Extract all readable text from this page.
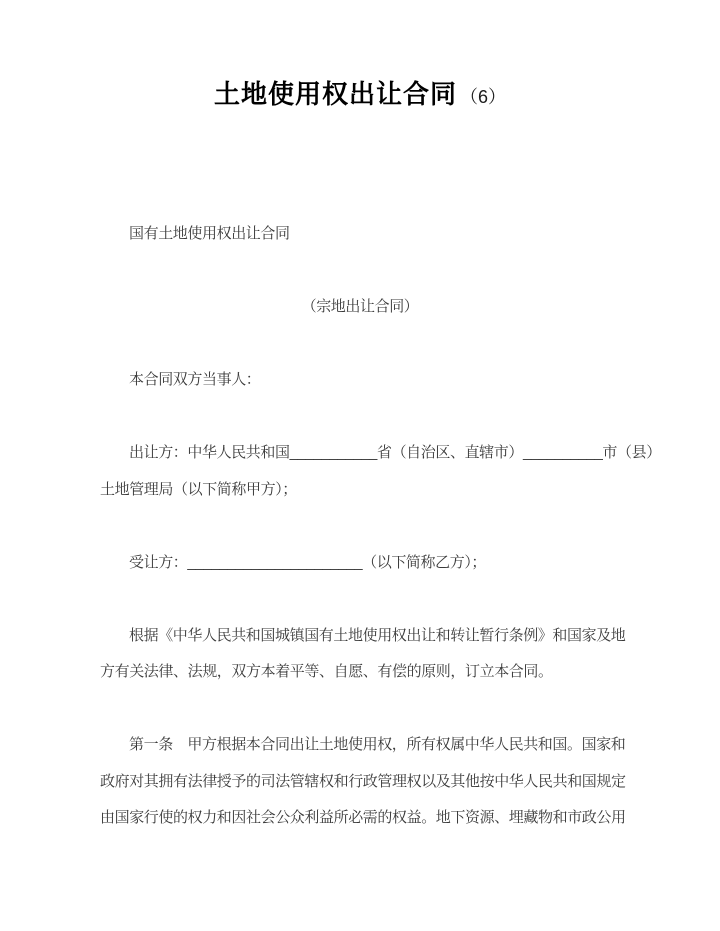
土地使用权出让合同 （6）
国有土地使用权出让合同
（宗地出让合同）
本合同双方当事人：
出让方：中华人民共和国___________省（自治区、直辖市）__________市（县）
土地管理局（以下简称甲方）；
受让方：______________________（以下简称乙方）；
根据《中华人民共和国城镇国有土地使用权出让和转让暂行条例》和国家及地
方有关法律、法规，双方本着平等、自愿、有偿的原则，订立本合同。
第一条　甲方根据本合同出让土地使用权，所有权属中华人民共和国。国家和
政府对其拥有法律授予的司法管辖权和行政管理权以及其他按中华人民共和国规定
由国家行使的权力和因社会公众利益所必需的权益。地下资源、埋藏物和市政公用
